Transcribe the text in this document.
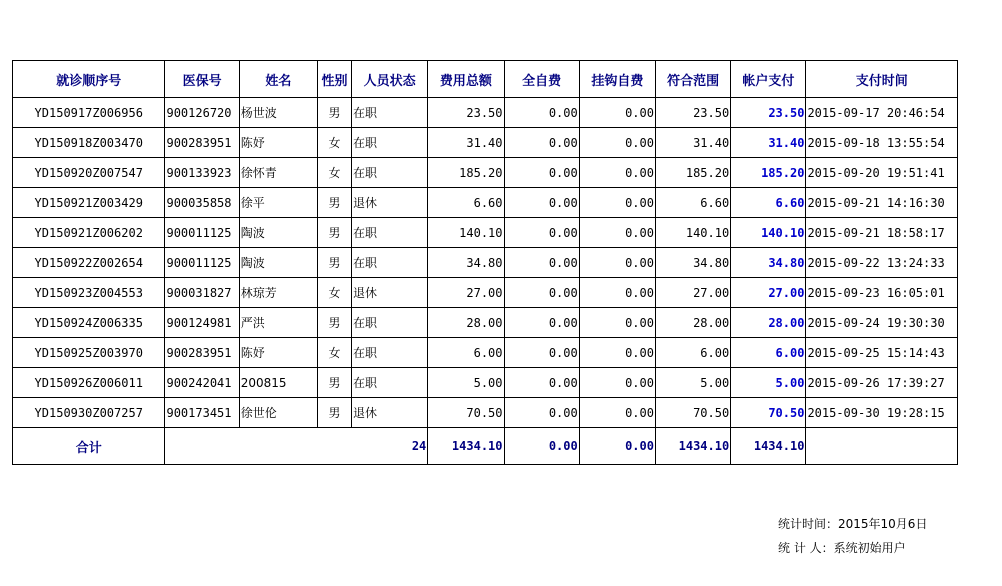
就诊顺序号	医保号	姓名	性别	人员状态	费用总额	全自费	挂钩自费	符合范围	帐户支付	支付时间
YD150917Z006956	900126720	杨世波	男	在职	23.50	0.00	0.00	23.50	23.50	2015-09-17 20:46:54
YD150918Z003470	900283951	陈妤	女	在职	31.40	0.00	0.00	31.40	31.40	2015-09-18 13:55:54
YD150920Z007547	900133923	徐怀青	女	在职	185.20	0.00	0.00	185.20	185.20	2015-09-20 19:51:41
YD150921Z003429	900035858	徐平	男	退休	6.60	0.00	0.00	6.60	6.60	2015-09-21 14:16:30
YD150921Z006202	900011125	陶波	男	在职	140.10	0.00	0.00	140.10	140.10	2015-09-21 18:58:17
YD150922Z002654	900011125	陶波	男	在职	34.80	0.00	0.00	34.80	34.80	2015-09-22 13:24:33
YD150923Z004553	900031827	林琼芳	女	退休	27.00	0.00	0.00	27.00	27.00	2015-09-23 16:05:01
YD150924Z006335	900124981	严洪	男	在职	28.00	0.00	0.00	28.00	28.00	2015-09-24 19:30:30
YD150925Z003970	900283951	陈妤	女	在职	6.00	0.00	0.00	6.00	6.00	2015-09-25 15:14:43
YD150926Z006011	900242041	200815	男	在职	5.00	0.00	0.00	5.00	5.00	2015-09-26 17:39:27
YD150930Z007257	900173451	徐世伦	男	退休	70.50	0.00	0.00	70.50	70.50	2015-09-30 19:28:15
合计	24				1434.10	0.00	0.00	1434.10	1434.10	
统计时间：2015年10月6日
统 计 人：系统初始用户
